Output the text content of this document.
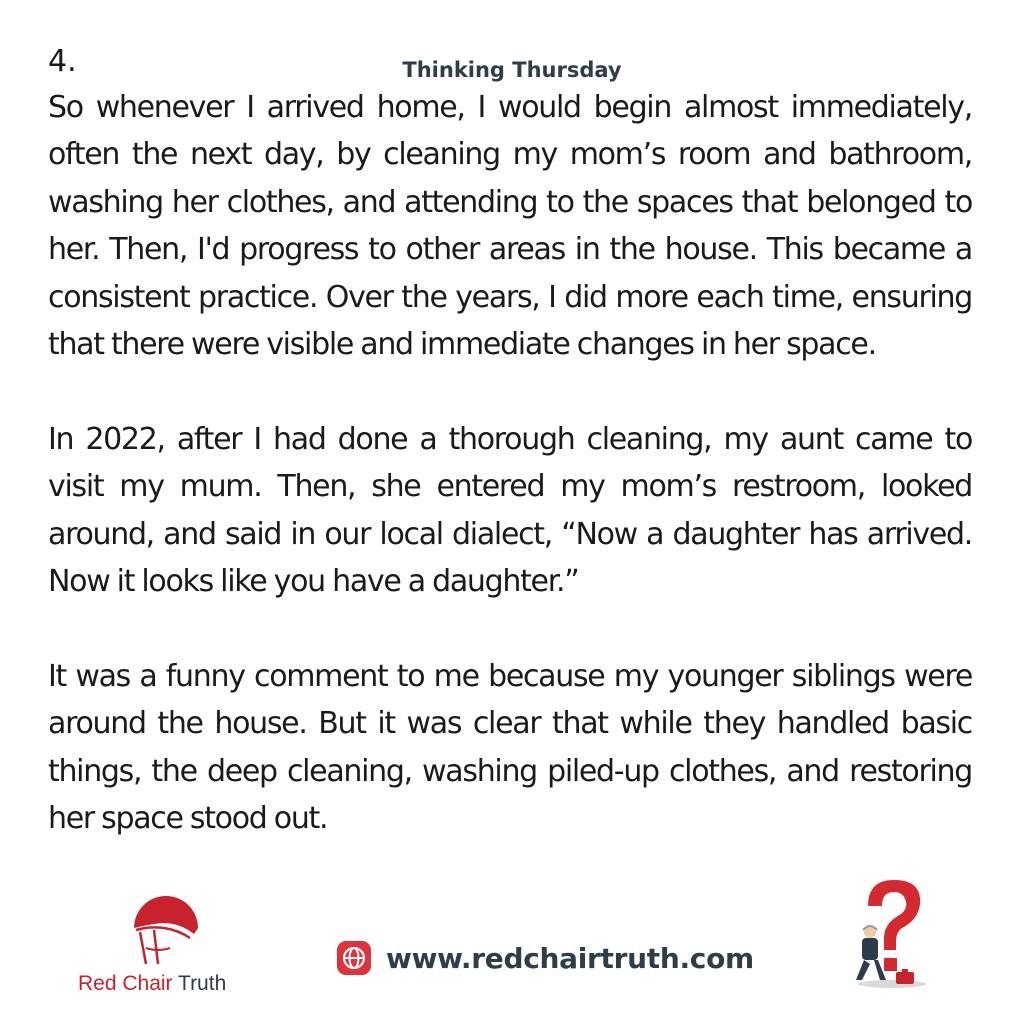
4.	Thinking Thursday

So whenever I arrived home, I would begin almost immediately, often the next day, by cleaning my mom’s room and bathroom, washing her clothes, and attending to the spaces that belonged to her. Then, I'd progress to other areas in the house. This became a consistent practice. Over the years, I did more each time, ensuring that there were visible and immediate changes in her space.

In 2022, after I had done a thorough cleaning, my aunt came to visit my mum. Then, she entered my mom’s restroom, looked around, and said in our local dialect, “Now a daughter has arrived. Now it looks like you have a daughter.”

It was a funny comment to me because my younger siblings were around the house. But it was clear that while they handled basic things, the deep cleaning, washing piled-up clothes, and restoring her space stood out.

Red Chair Truth
www.redchairtruth.com
